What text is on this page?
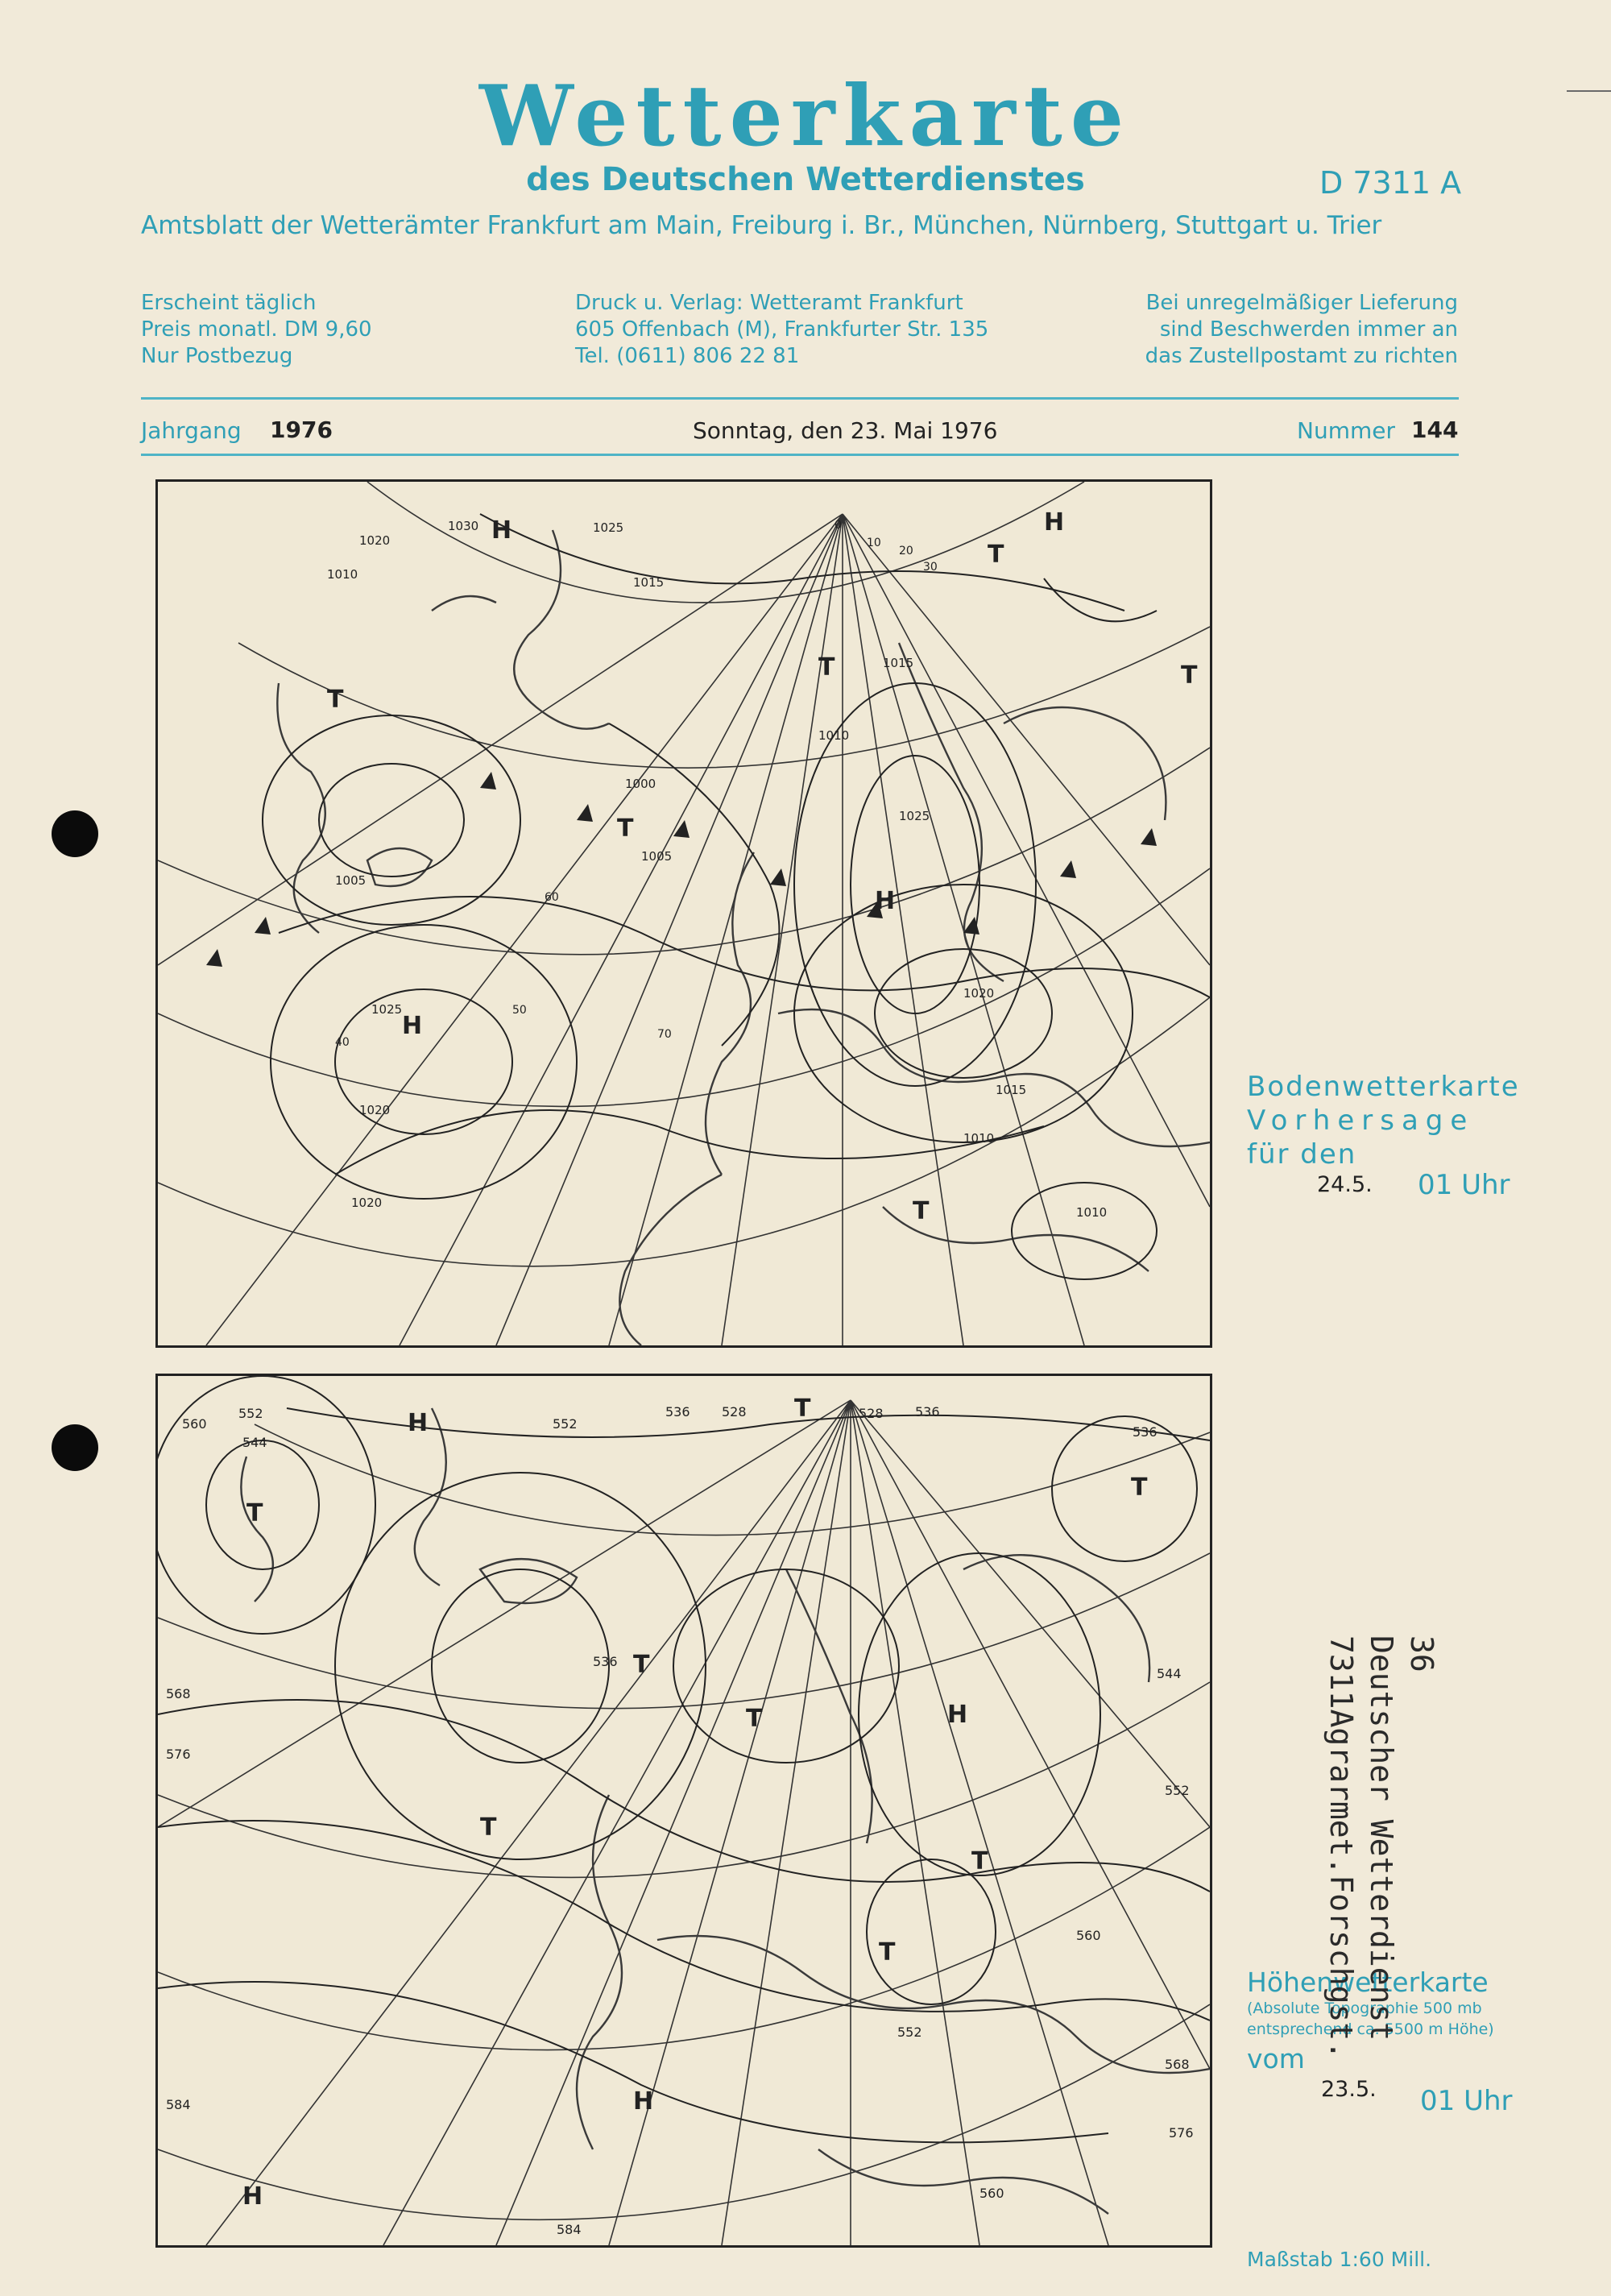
Wetterkarte
des Deutschen Wetterdienstes	D 7311 A
Amtsblatt der Wetterämter Frankfurt am Main, Freiburg i. Br., München, Nürnberg, Stuttgart u. Trier
Erscheint täglich
Preis monatl. DM 9,60
Nur Postbezug
Druck u. Verlag: Wetteramt Frankfurt
605 Offenbach (M), Frankfurter Str. 135
Tel. (0611) 806 22 81
Bei unregelmäßiger Lieferung
sind Beschwerden immer an
das Zustellpostamt zu richten
Jahrgang 1976	Sonntag, den 23. Mai 1976	Nummer 144
1030	1025
1020
1015
1010
1005
1000
1020
1025
1015
1010
1010
1005
1025
1020
1015
1010
1020
0
10
20
30
50
60
70
40
H
H
H
H
T
T
T
T
T
T
Bodenwetterkarte
Vorhersage
für den
24.5. 01 Uhr
552
544
560	552
536 528	528 536
536
568
576
584
536
552
560
552
560
568
584
544
576
T
T
T
T
T
T
T
T
H
H
H
H
Höhenwetterkarte
(Absolute Topographie 500 mb
entsprechend ca. 5500 m Höhe)
vom
23.5. 01 Uhr
Maßstab 1:60 Mill.
36
Deutscher Wetterdienst
7311Agrarmet.Forschgst.
